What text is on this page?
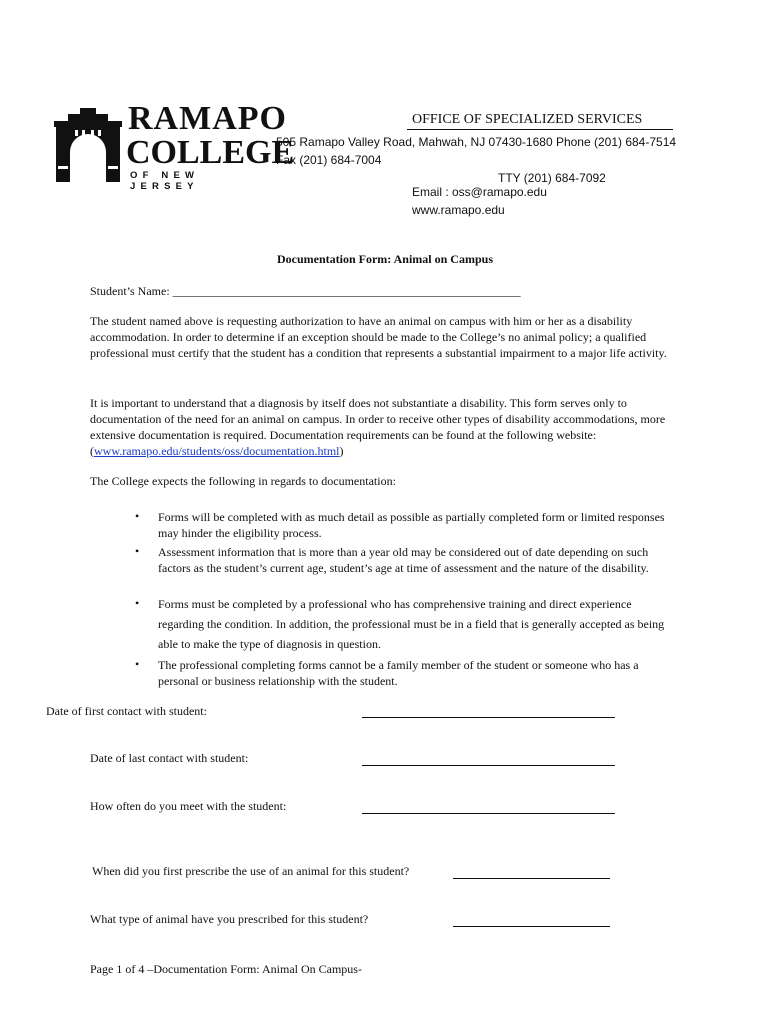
RAMAPO
COLLEGE
OF NEW JERSEY
OFFICE OF SPECIALIZED SERVICES
505 Ramapo Valley Road, Mahwah, NJ 07430-1680 Phone (201) 684-7514 Fax (201) 684-7004
TTY (201) 684-7092
Email : oss@ramapo.edu
www.ramapo.edu
Documentation Form: Animal on Campus
Student’s Name: __________________________________________________________
The student named above is requesting authorization to have an animal on campus with him or her as a disability accommodation. In order to determine if an exception should be made to the College’s no animal policy; a qualified professional must certify that the student has a condition that represents a substantial impairment to a major life activity.
It is important to understand that a diagnosis by itself does not substantiate a disability. This form serves only to documentation of the need for an animal on campus. In order to receive other types of disability accommodations, more extensive documentation is required. Documentation requirements can be found at the following website: (www.ramapo.edu/students/oss/documentation.html)
The College expects the following in regards to documentation:
• Forms will be completed with as much detail as possible as partially completed form or limited responses may hinder the eligibility process.
• Assessment information that is more than a year old may be considered out of date depending on such factors as the student’s current age, student’s age at time of assessment and the nature of the disability.
• Forms must be completed by a professional who has comprehensive training and direct experience regarding the condition. In addition, the professional must be in a field that is generally accepted as being able to make the type of diagnosis in question.
• The professional completing forms cannot be a family member of the student or someone who has a personal or business relationship with the student.
Date of first contact with student:
Date of last contact with student:
How often do you meet with the student:
When did you first prescribe the use of an animal for this student?
What type of animal have you prescribed for this student?
Page 1 of 4 –Documentation Form: Animal On Campus-
